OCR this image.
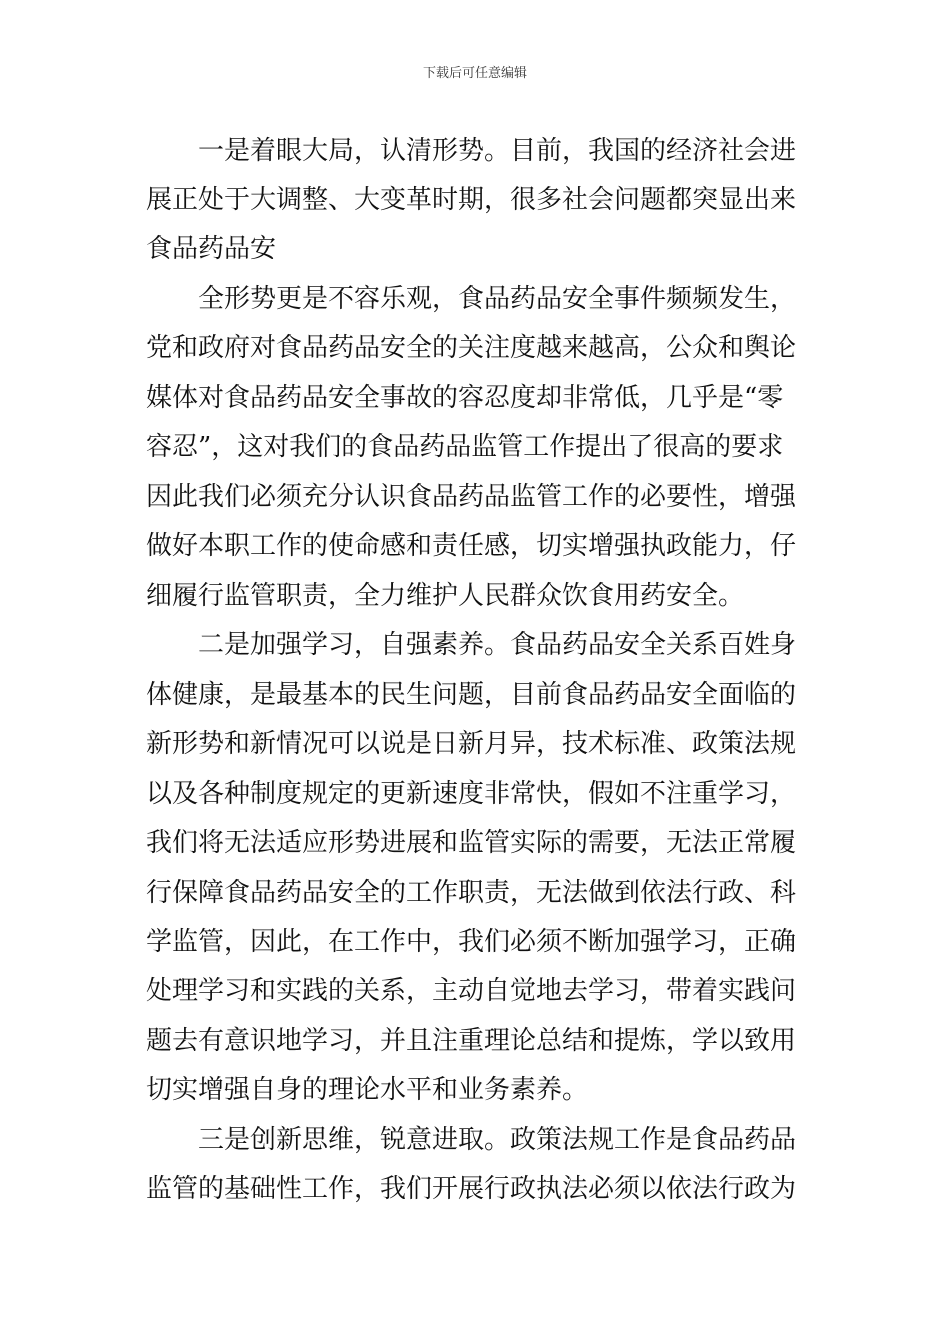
下载后可任意编辑
一是着眼大局，认清形势。目前，我国的经济社会进
展正处于大调整、大变革时期，很多社会问题都突显出来
食品药品安
全形势更是不容乐观，食品药品安全事件频频发生，
党和政府对食品药品安全的关注度越来越高，公众和舆论
媒体对食品药品安全事故的容忍度却非常低，几乎是“零
容忍”，这对我们的食品药品监管工作提出了很高的要求
因此我们必须充分认识食品药品监管工作的必要性，增强
做好本职工作的使命感和责任感，切实增强执政能力，仔
细履行监管职责，全力维护人民群众饮食用药安全。
二是加强学习，自强素养。食品药品安全关系百姓身
体健康，是最基本的民生问题，目前食品药品安全面临的
新形势和新情况可以说是日新月异，技术标准、政策法规
以及各种制度规定的更新速度非常快，假如不注重学习，
我们将无法适应形势进展和监管实际的需要，无法正常履
行保障食品药品安全的工作职责，无法做到依法行政、科
学监管，因此，在工作中，我们必须不断加强学习，正确
处理学习和实践的关系，主动自觉地去学习，带着实践问
题去有意识地学习，并且注重理论总结和提炼，学以致用
切实增强自身的理论水平和业务素养。
三是创新思维，锐意进取。政策法规工作是食品药品
监管的基础性工作，我们开展行政执法必须以依法行政为
